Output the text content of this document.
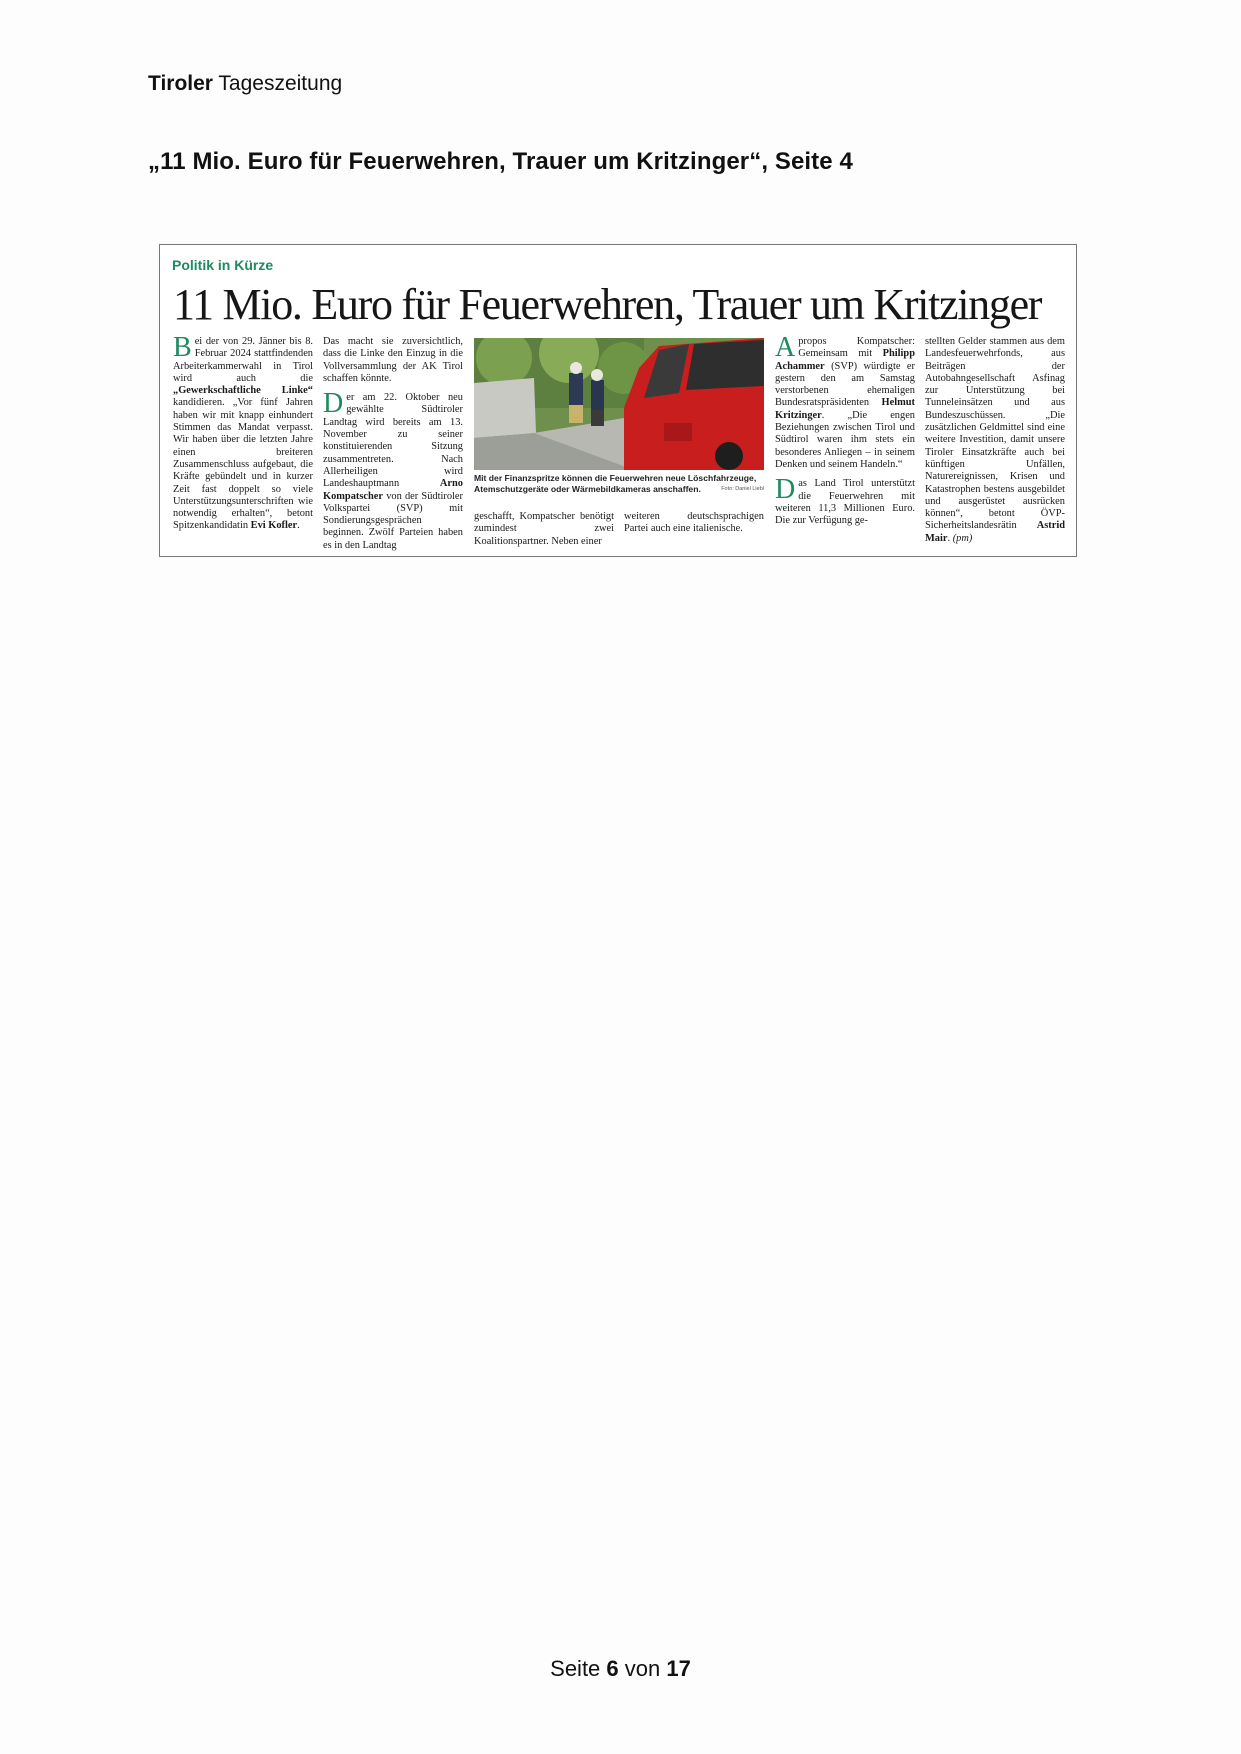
Tiroler Tageszeitung
„11 Mio. Euro für Feuerwehren, Trauer um Kritzinger“, Seite 4
Politik in Kürze
11 Mio. Euro für Feuerwehren, Trauer um Kritzinger

Bei der von 29. Jänner bis 8. Februar 2024 stattfindenden Arbeiterkammerwahl in Tirol wird auch die „Gewerkschaftliche Linke“ kandidieren. „Vor fünf Jahren haben wir mit knapp einhundert Stimmen das Mandat verpasst. Wir haben über die letzten Jahre einen breiteren Zusammenschluss aufgebaut, die Kräfte gebündelt und in kurzer Zeit fast doppelt so viele Unterstützungsunterschriften wie notwendig erhalten“, betont Spitzenkandidatin Evi Kofler.

Das macht sie zuversichtlich, dass die Linke den Einzug in die Vollversammlung der AK Tirol schaffen könnte.

Der am 22. Oktober neu gewählte Südtiroler Landtag wird bereits am 13. November zu seiner konstituierenden Sitzung zusammentreten. Nach Allerheiligen wird Landeshauptmann Arno Kompatscher von der Südtiroler Volkspartei (SVP) mit Sondierungsgesprächen beginnen. Zwölf Parteien haben es in den Landtag

Mit der Finanzspritze können die Feuerwehren neue Löschfahrzeuge, Atemschutzgeräte oder Wärmebildkameras anschaffen.	Foto: Daniel Liebl
geschafft, Kompatscher benötigt zumindest zwei Koalitionspartner. Neben einer
weiteren deutschsprachigen Partei auch eine italienische.

Apropos Kompatscher: Gemeinsam mit Philipp Achammer (SVP) würdigte er gestern den am Samstag verstorbenen ehemaligen Bundesratspräsidenten Helmut Kritzinger. „Die engen Beziehungen zwischen Tirol und Südtirol waren ihm stets ein besonderes Anliegen – in seinem Denken und seinem Handeln.“

Das Land Tirol unterstützt die Feuerwehren mit weiteren 11,3 Millionen Euro. Die zur Verfügung ge-

stellten Gelder stammen aus dem Landesfeuerwehrfonds, aus Beiträgen der Autobahngesellschaft Asfinag zur Unterstützung bei Tunneleinsätzen und aus Bundeszuschüssen. „Die zusätzlichen Geldmittel sind eine weitere Investition, damit unsere Tiroler Einsatzkräfte auch bei künftigen Unfällen, Naturereignissen, Krisen und Katastrophen bestens ausgebildet und ausgerüstet ausrücken können“, betont ÖVP-Sicherheitslandesrätin Astrid Mair. (pm)

Seite 6 von 17
